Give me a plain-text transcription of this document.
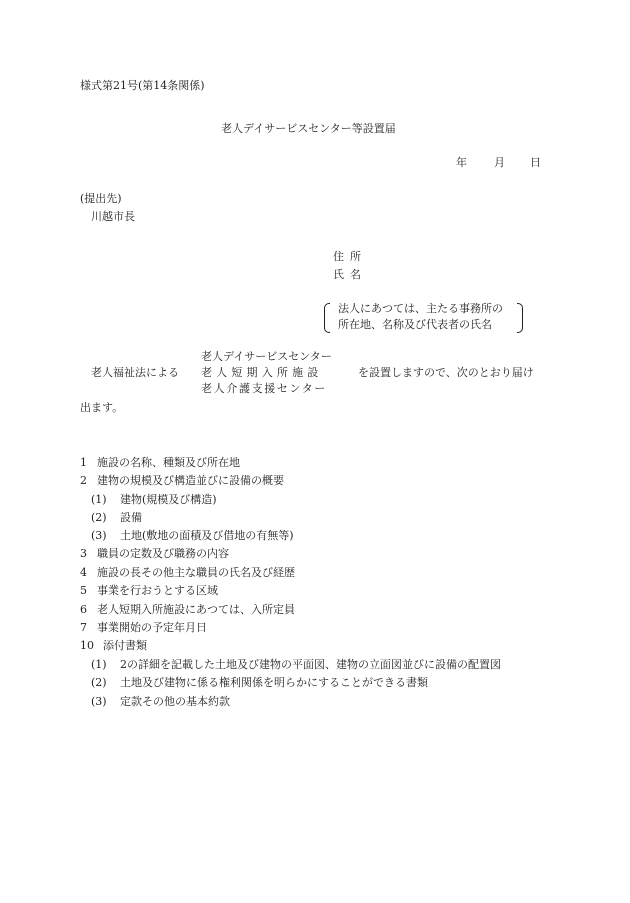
様式第21号(第14条関係)
老人デイサービスセンター等設置届
年 月 日
(提出先)
川越市長
住所
氏名
法人にあつては、主たる事務所の
所在地、名称及び代表者の氏名
老人福祉法による
老人デイサービスセンター
老人短期入所施設
老人介護支援センター
を設置しますので、次のとおり届け
出ます。
1 施設の名称、種類及び所在地
2 建物の規模及び構造並びに設備の概要
(1) 建物(規模及び構造)
(2) 設備
(3) 土地(敷地の面積及び借地の有無等)
3 職員の定数及び職務の内容
4 施設の長その他主な職員の氏名及び経歴
5 事業を行おうとする区域
6 老人短期入所施設にあつては、入所定員
7 事業開始の予定年月日
10 添付書類
(1) 2の詳細を記載した土地及び建物の平面図、建物の立面図並びに設備の配置図
(2) 土地及び建物に係る権利関係を明らかにすることができる書類
(3) 定款その他の基本約款
